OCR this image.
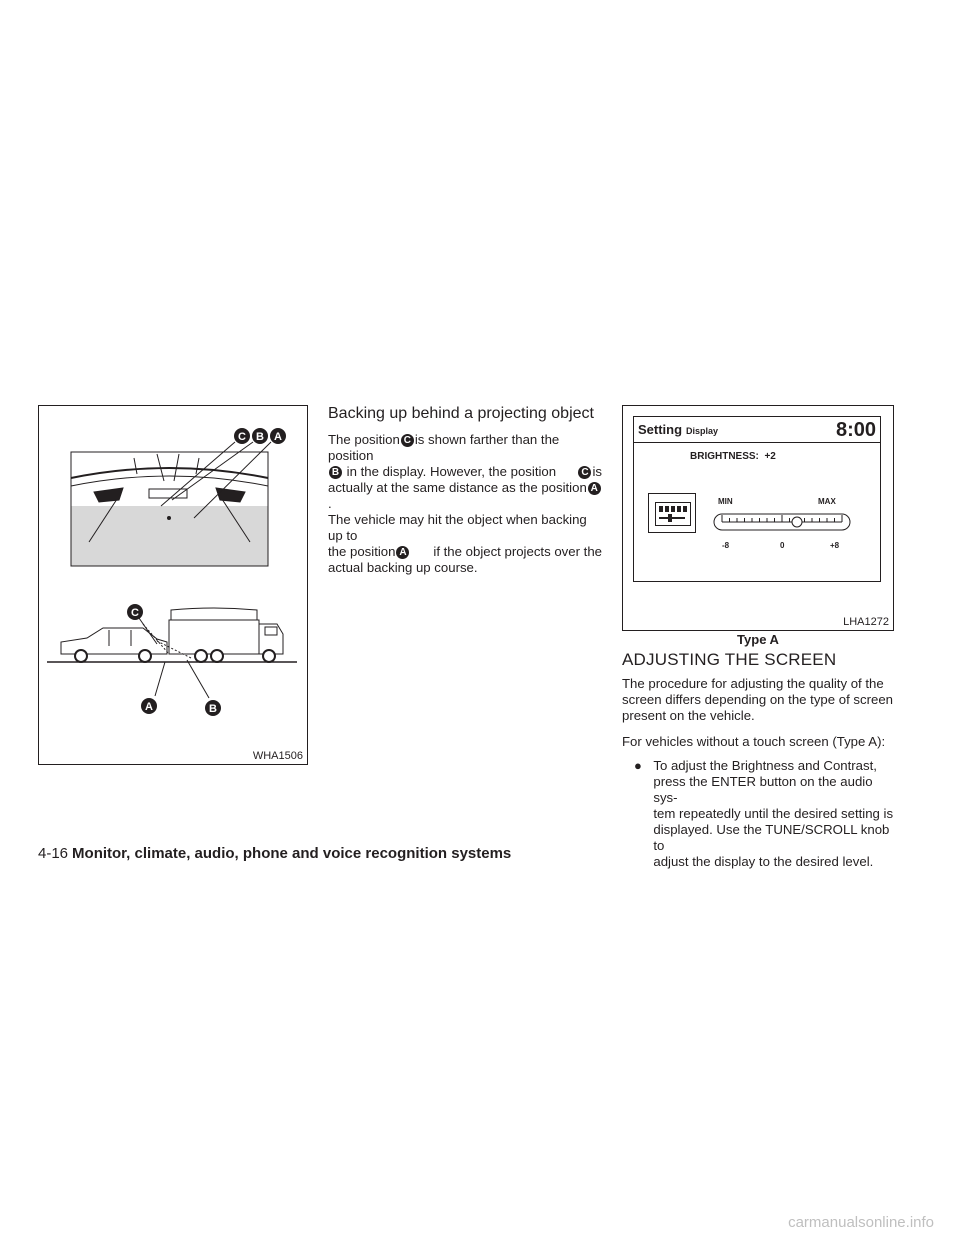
C B A
C
A	B
WHA1506
Backing up behind a projecting object
The position C is shown farther than the position
B in the display. However, the position	C is
actually at the same distance as the position A.
The vehicle may hit the object when backing up to
the position A if the object projects over the
actual backing up course.
Setting Display	8:00
BRIGHTNESS: +2
MIN	MAX
-8	0	+8
LHA1272
Type A
ADJUSTING THE SCREEN
The procedure for adjusting the quality of the
screen differs depending on the type of screen
present on the vehicle.
For vehicles without a touch screen (Type A):
● To adjust the Brightness and Contrast,
press the ENTER button on the audio sys-
tem repeatedly until the desired setting is
displayed. Use the TUNE/SCROLL knob to
adjust the display to the desired level.
4-16 Monitor, climate, audio, phone and voice recognition systems
carmanualsonline.info
